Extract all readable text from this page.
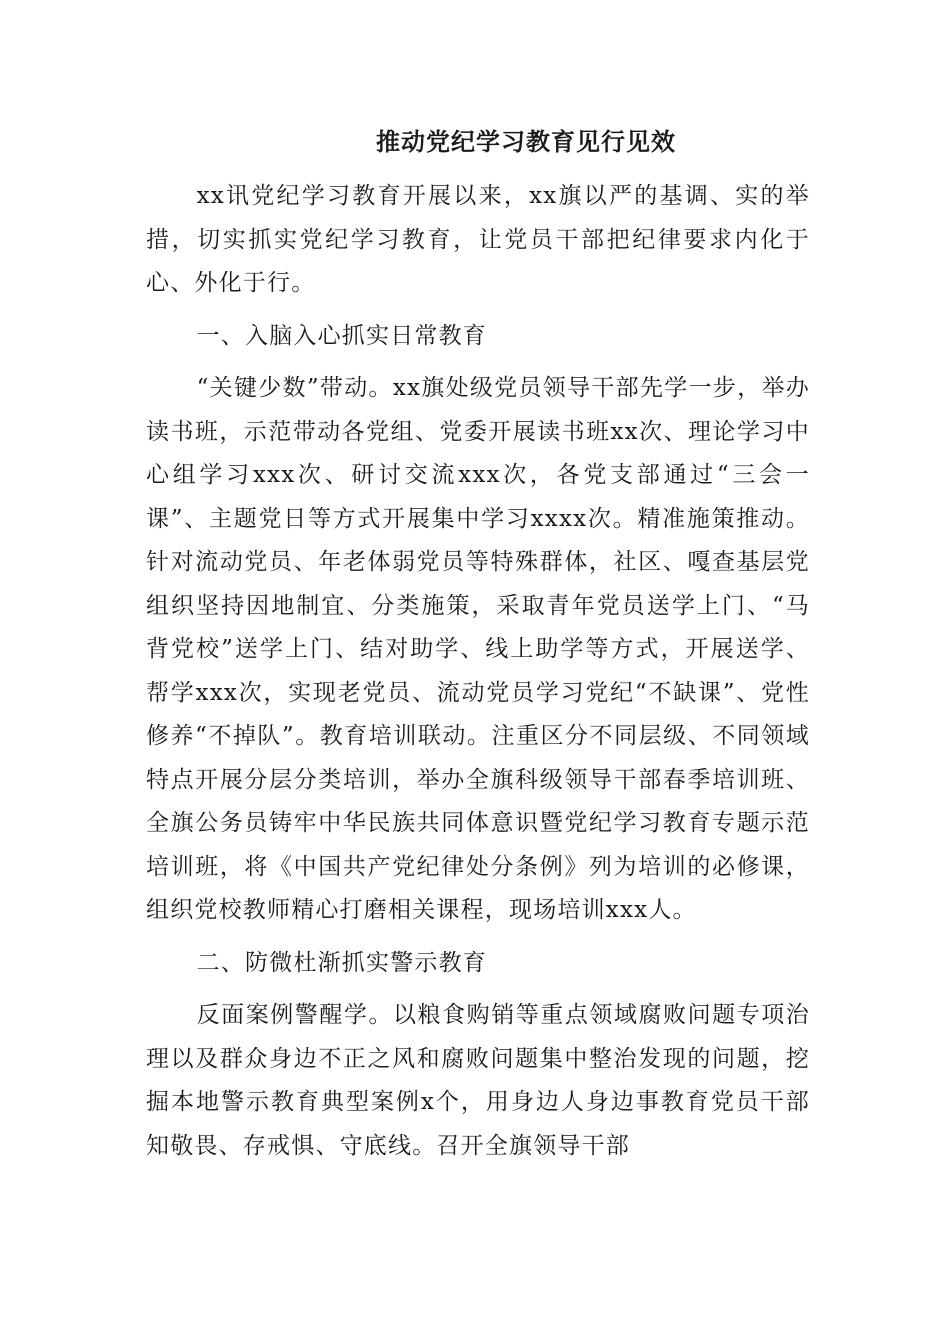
推动党纪学习教育见行见效

xx讯党纪学习教育开展以来，xx旗以严的基调、实的举措，切实抓实党纪学习教育，让党员干部把纪律要求内化于心、外化于行。

一、入脑入心抓实日常教育

“关键少数”带动。xx旗处级党员领导干部先学一步，举办读书班，示范带动各党组、党委开展读书班xx次、理论学习中心组学习xxx次、研讨交流xxx次，各党支部通过“三会一课”、主题党日等方式开展集中学习xxxx次。精准施策推动。针对流动党员、年老体弱党员等特殊群体，社区、嘎查基层党组织坚持因地制宜、分类施策，采取青年党员送学上门、“马背党校”送学上门、结对助学、线上助学等方式，开展送学、帮学xxx次，实现老党员、流动党员学习党纪“不缺课”、党性修养“不掉队”。教育培训联动。注重区分不同层级、不同领域特点开展分层分类培训，举办全旗科级领导干部春季培训班、全旗公务员铸牢中华民族共同体意识暨党纪学习教育专题示范培训班，将《中国共产党纪律处分条例》列为培训的必修课，组织党校教师精心打磨相关课程，现场培训xxx人。

二、防微杜渐抓实警示教育

反面案例警醒学。以粮食购销等重点领域腐败问题专项治理以及群众身边不正之风和腐败问题集中整治发现的问题，挖掘本地警示教育典型案例x个，用身边人身边事教育党员干部知敬畏、存戒惧、守底线。召开全旗领导干部
